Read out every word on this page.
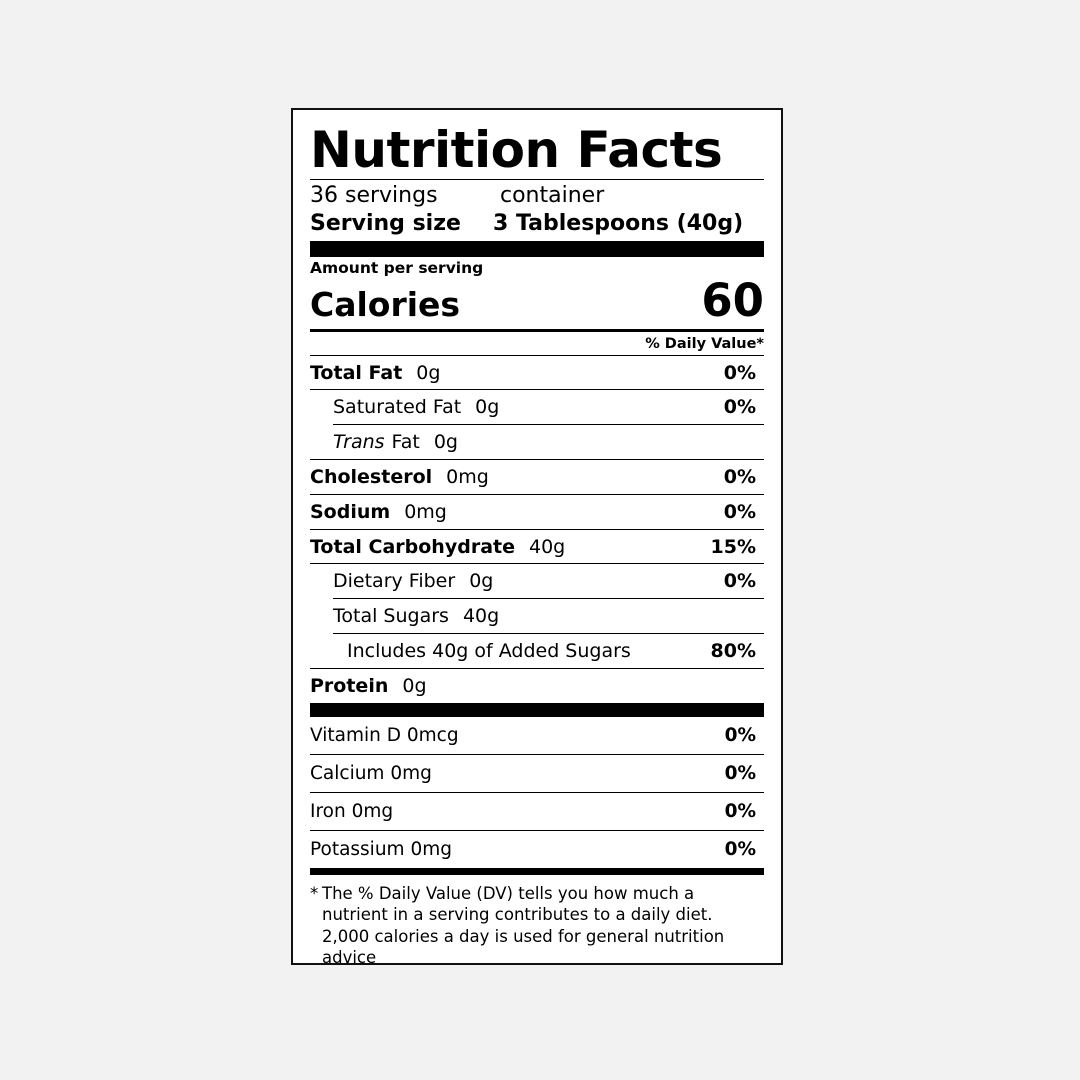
Nutrition Facts
36 servings	container
Serving size	3 Tablespoons (40g)
Amount per serving
Calories	60
% Daily Value*
Total Fat 0g	0%
Saturated Fat 0g	0%
Trans Fat 0g
Cholesterol 0mg	0%
Sodium 0mg	0%
Total Carbohydrate 40g	15%
Dietary Fiber 0g	0%
Total Sugars 40g
Includes 40g of Added Sugars	80%
Protein 0g
Vitamin D 0mcg	0%
Calcium 0mg	0%
Iron 0mg	0%
Potassium 0mg	0%
* The % Daily Value (DV) tells you how much a nutrient in a serving contributes to a daily diet. 2,000 calories a day is used for general nutrition advice
